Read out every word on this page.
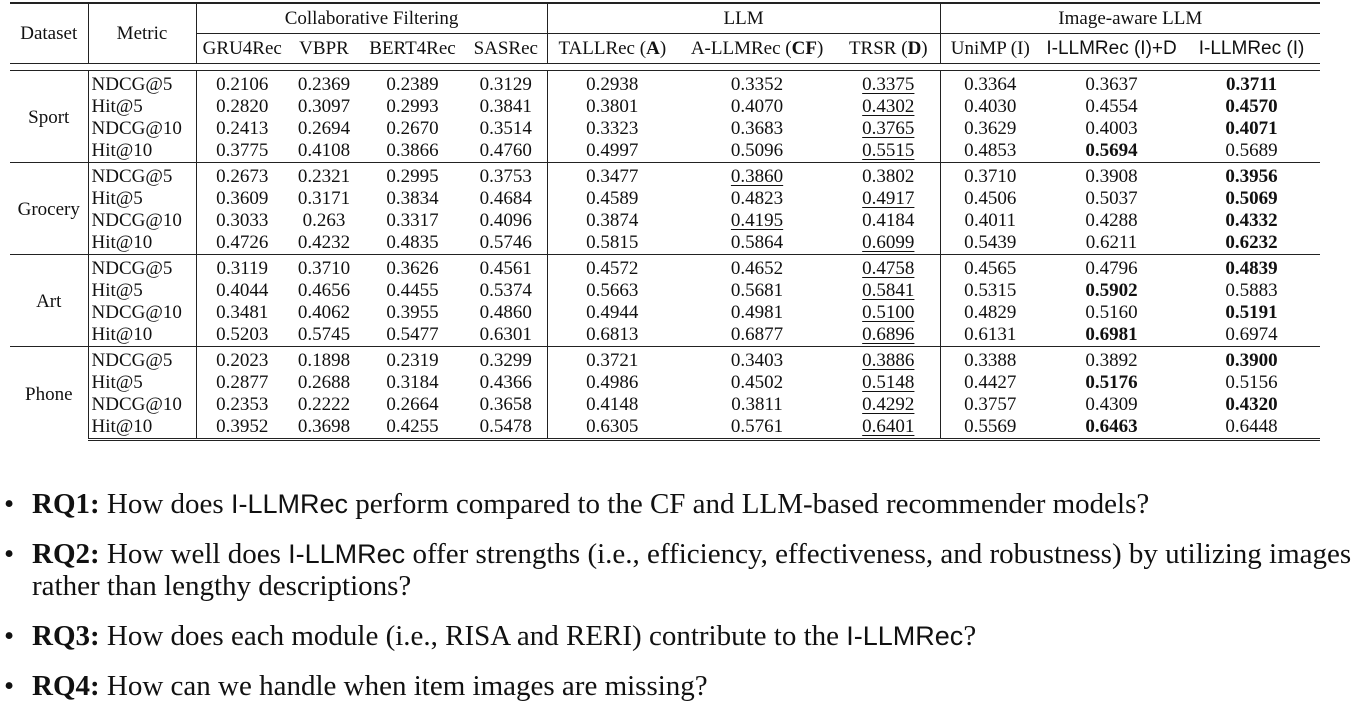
Dataset	Metric	Collaborative Filtering				LLM			Image-aware LLM		
		GRU4Rec	VBPR	BERT4Rec	SASRec	TALLRec (A)	A-LLMRec (CF)	TRSR (D)	UniMP (I)	I-LLMRec (I)+D	I-LLMRec (I)

Sport	NDCG@5	0.2106	0.2369	0.2389	0.3129	0.2938	0.3352	0.3375	0.3364	0.3637	0.3711
	Hit@5	0.2820	0.3097	0.2993	0.3841	0.3801	0.4070	0.4302	0.4030	0.4554	0.4570
	NDCG@10	0.2413	0.2694	0.2670	0.3514	0.3323	0.3683	0.3765	0.3629	0.4003	0.4071
	Hit@10	0.3775	0.4108	0.3866	0.4760	0.4997	0.5096	0.5515	0.4853	0.5694	0.5689
Grocery	NDCG@5	0.2673	0.2321	0.2995	0.3753	0.3477	0.3860	0.3802	0.3710	0.3908	0.3956
	Hit@5	0.3609	0.3171	0.3834	0.4684	0.4589	0.4823	0.4917	0.4506	0.5037	0.5069
	NDCG@10	0.3033	0.263	0.3317	0.4096	0.3874	0.4195	0.4184	0.4011	0.4288	0.4332
	Hit@10	0.4726	0.4232	0.4835	0.5746	0.5815	0.5864	0.6099	0.5439	0.6211	0.6232
Art	NDCG@5	0.3119	0.3710	0.3626	0.4561	0.4572	0.4652	0.4758	0.4565	0.4796	0.4839
	Hit@5	0.4044	0.4656	0.4455	0.5374	0.5663	0.5681	0.5841	0.5315	0.5902	0.5883
	NDCG@10	0.3481	0.4062	0.3955	0.4860	0.4944	0.4981	0.5100	0.4829	0.5160	0.5191
	Hit@10	0.5203	0.5745	0.5477	0.6301	0.6813	0.6877	0.6896	0.6131	0.6981	0.6974
Phone	NDCG@5	0.2023	0.1898	0.2319	0.3299	0.3721	0.3403	0.3886	0.3388	0.3892	0.3900
	Hit@5	0.2877	0.2688	0.3184	0.4366	0.4986	0.4502	0.5148	0.4427	0.5176	0.5156
	NDCG@10	0.2353	0.2222	0.2664	0.3658	0.4148	0.3811	0.4292	0.3757	0.4309	0.4320
	Hit@10	0.3952	0.3698	0.4255	0.5478	0.6305	0.5761	0.6401	0.5569	0.6463	0.6448
• RQ1: How does I-LLMRec perform compared to the CF and LLM-based recommender models?
• RQ2: How well does I-LLMRec offer strengths (i.e., efficiency, effectiveness, and robustness) by utilizing images rather than lengthy descriptions?
• RQ3: How does each module (i.e., RISA and RERI) contribute to the I-LLMRec?
• RQ4: How can we handle when item images are missing?
